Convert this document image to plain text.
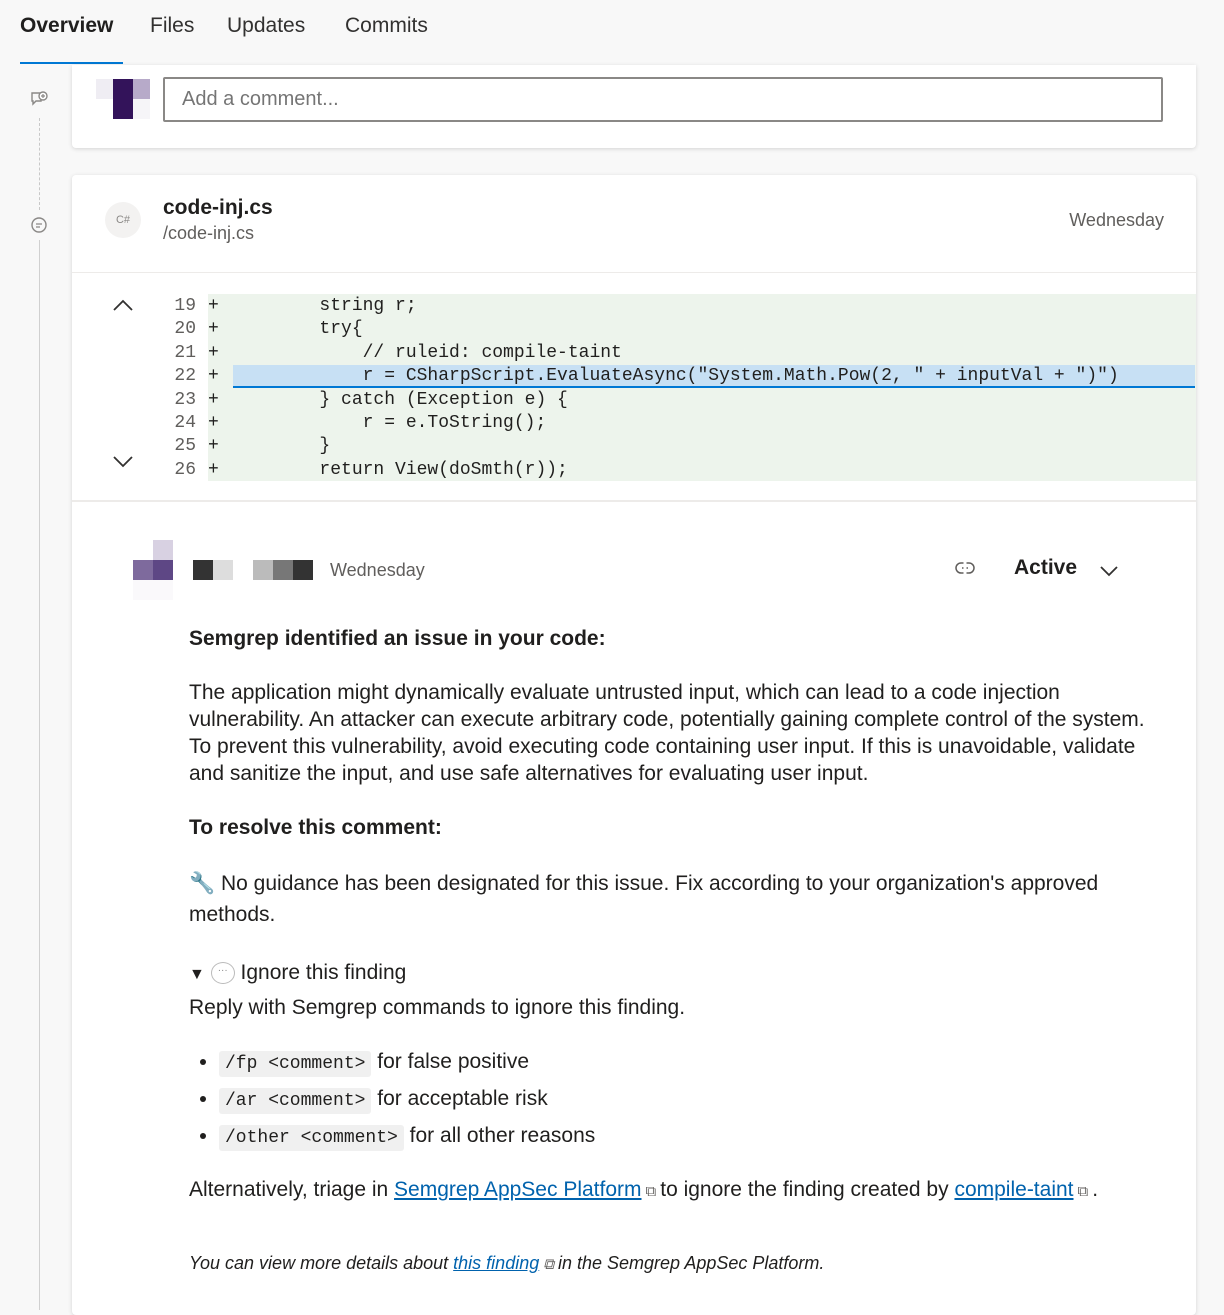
Overview Files Updates Commits
Add a comment...
C#
code-inj.cs
/code-inj.cs
Wednesday
19 + string r;
20 + try{
21 + // ruleid: compile-taint
22 + r = CSharpScript.EvaluateAsync("System.Math.Pow(2, " + inputVal + ")")
23 + } catch (Exception e) {
24 + r = e.ToString();
25 + }
26 + return View(doSmth(r));
Wednesday	Active

Semgrep identified an issue in your code:

The application might dynamically evaluate untrusted input, which can lead to a code injection vulnerability. An attacker can execute arbitrary code, potentially gaining complete control of the system. To prevent this vulnerability, avoid executing code containing user input. If this is unavoidable, validate and sanitize the input, and use safe alternatives for evaluating user input.

To resolve this comment:

🔧 No guidance has been designated for this issue. Fix according to your organization's approved methods.

▼ ··· Ignore this finding

Reply with Semgrep commands to ignore this finding.

• /fp <comment> for false positive
• /ar <comment> for acceptable risk
• /other <comment> for all other reasons

Alternatively, triage in Semgrep AppSec Platform ⧉ to ignore the finding created by compile-taint ⧉ .

You can view more details about this finding ⧉ in the Semgrep AppSec Platform.
